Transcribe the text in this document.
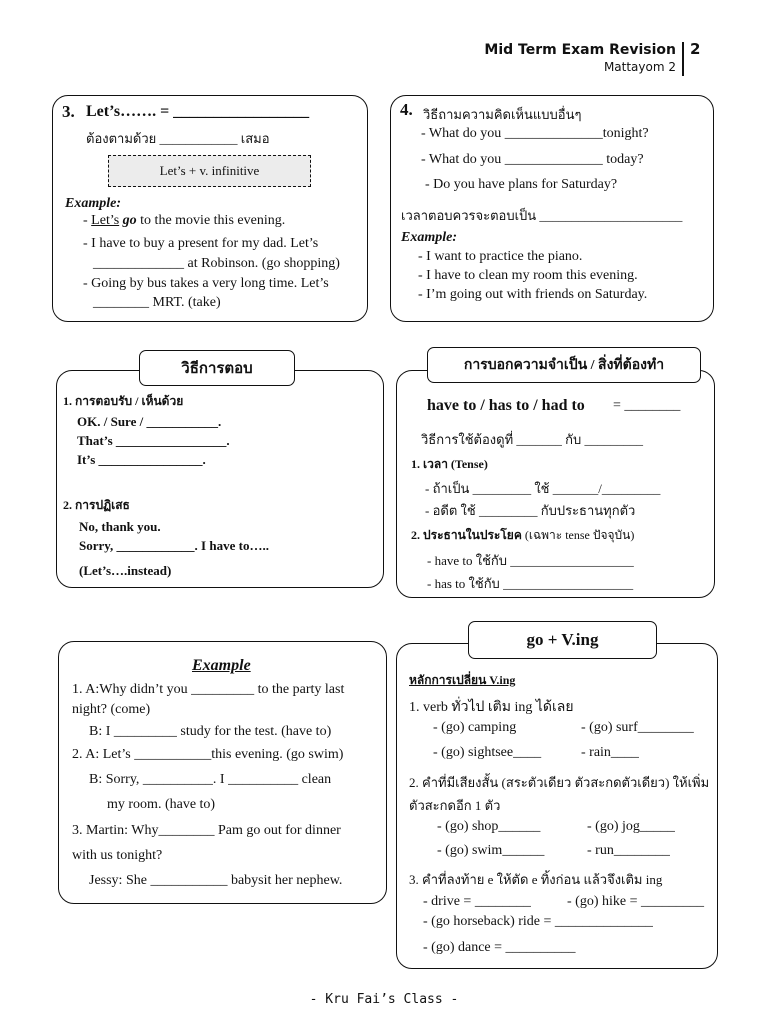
Mid Term Exam Revision
Mattayom 2
2
3. Let’s……. = _________________
ต้องตามด้วย ____________ เสมอ
Let’s + v. infinitive
Example:
- Let’s go to the movie this evening.
- I have to buy a present for my dad. Let’s
_____________ at Robinson. (go shopping)
- Going by bus takes a very long time. Let’s
________ MRT. (take)
4. วิธีถามความคิดเห็นแบบอื่นๆ
- What do you ______________tonight?
- What do you ______________ today?
- Do you have plans for Saturday?
เวลาตอบควรจะตอบเป็น ______________________
Example:
- I want to practice the piano.
- I have to clean my room this evening.
- I’m going out with friends on Saturday.
1. การตอบรับ / เห็นด้วย
OK. / Sure / ___________.
That’s _________________.
It’s ________________.
2. การปฏิเสธ
No, thank you.
Sorry, ____________. I have to…..
(Let’s….instead)
วิธีการตอบ
have to / has to / had to = ________
วิธีการใช้ต้องดูที่ _______ กับ _________
1. เวลา (Tense)
- ถ้าเป็น _________ ใช้ _______/_________
- อดีต ใช้ _________ กับประธานทุกตัว
2. ประธานในประโยค (เฉพาะ tense ปัจจุบัน)
- have to ใช้กับ ___________________
- has to ใช้กับ ____________________
การบอกความจำเป็น / สิ่งที่ต้องทำ
Example
1. A:Why didn’t you _________ to the party last
night? (come)
B: I _________ study for the test. (have to)
2. A: Let’s ___________this evening. (go swim)
B: Sorry, __________. I __________ clean
my room. (have to)
3. Martin: Why________ Pam go out for dinner
with us tonight?
Jessy: She ___________ babysit her nephew.
หลักการเปลี่ยน V.ing
1. verb ทั่วไป เติม ing ได้เลย
- (go) camping	- (go) surf________
- (go) sightsee____	- rain____
2. คำที่มีเสียงสั้น (สระตัวเดียว ตัวสะกดตัวเดียว) ให้เพิ่ม
ตัวสะกดอีก 1 ตัว
- (go) shop______	- (go) jog_____
- (go) swim______	- run________
3. คำที่ลงท้าย e ให้ตัด e ทิ้งก่อน แล้วจึงเติม ing
- drive = ________	- (go) hike = _________
- (go horseback) ride = ______________
- (go) dance = __________
go + V.ing
- Kru Fai’s Class -
